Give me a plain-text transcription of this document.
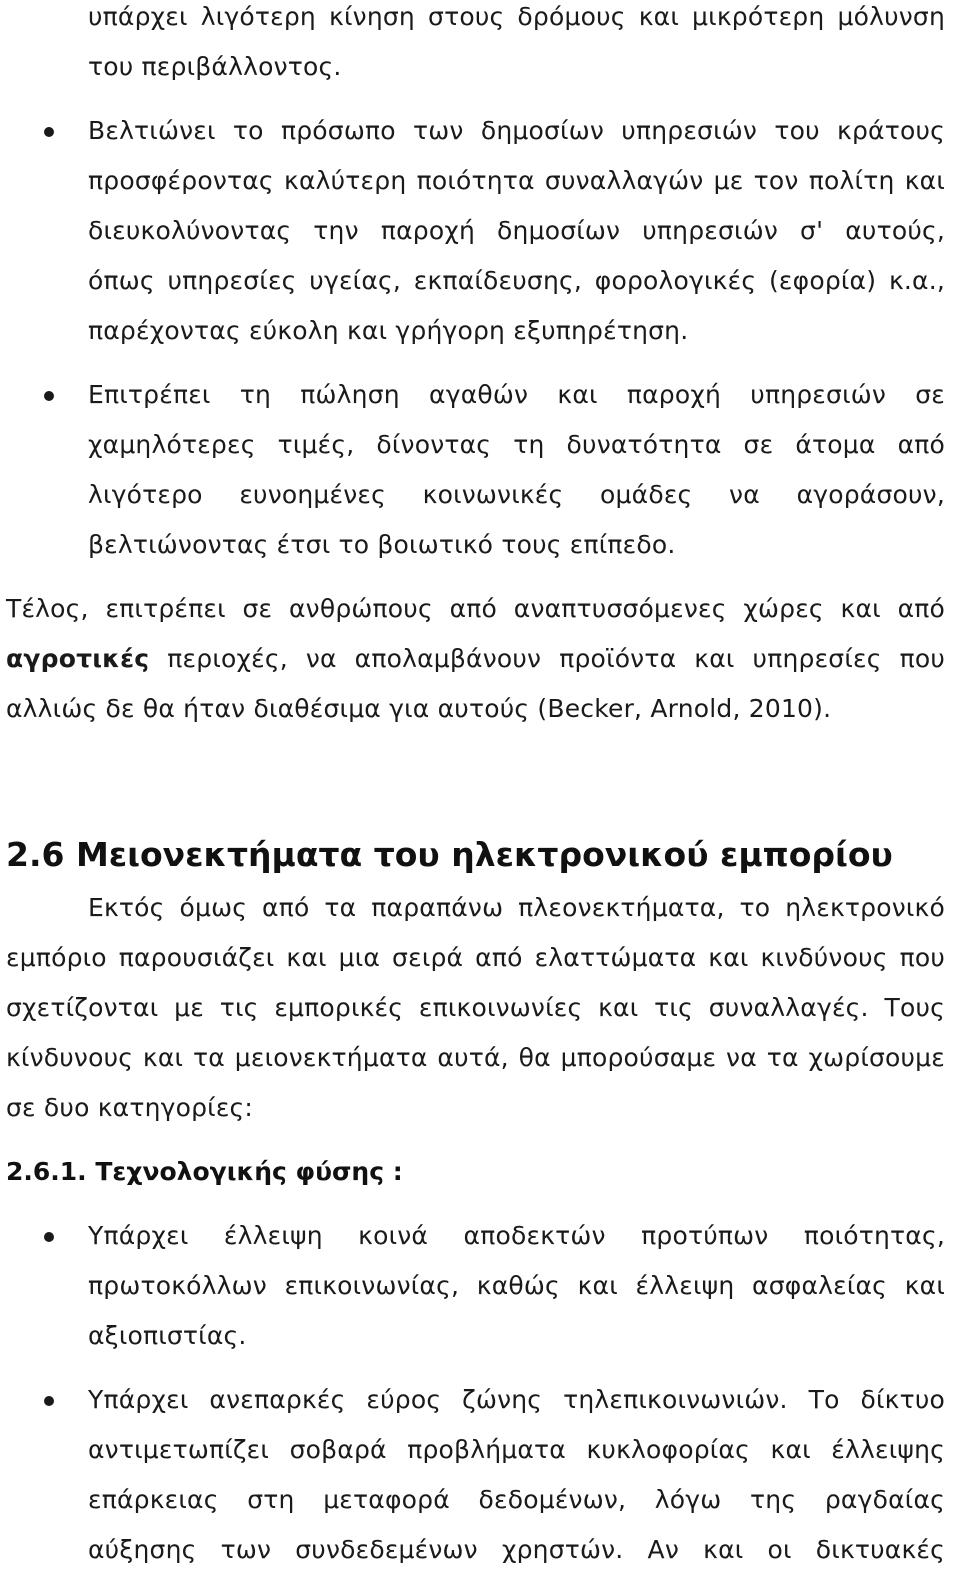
υπάρχει λιγότερη κίνηση στους δρόμους και μικρότερη μόλυνση
του περιβάλλοντος.
Βελτιώνει το πρόσωπο των δημοσίων υπηρεσιών του κράτους
προσφέροντας καλύτερη ποιότητα συναλλαγών με τον πολίτη και
διευκολύνοντας την παροχή δημοσίων υπηρεσιών σ' αυτούς,
όπως υπηρεσίες υγείας, εκπαίδευσης, φορολογικές (εφορία) κ.α.,
παρέχοντας εύκολη και γρήγορη εξυπηρέτηση.
Επιτρέπει τη πώληση αγαθών και παροχή υπηρεσιών σε
χαμηλότερες τιμές, δίνοντας τη δυνατότητα σε άτομα από
λιγότερο ευνοημένες κοινωνικές ομάδες να αγοράσουν,
βελτιώνοντας έτσι το βοιωτικό τους επίπεδο.
Τέλος, επιτρέπει σε ανθρώπους από αναπτυσσόμενες χώρες και από
αγροτικές περιοχές, να απολαμβάνουν προϊόντα και υπηρεσίες που
αλλιώς δε θα ήταν διαθέσιμα για αυτούς (Becker, Arnold, 2010).
2.6 Μειονεκτήματα του ηλεκτρονικού εμπορίου
Εκτός όμως από τα παραπάνω πλεονεκτήματα, το ηλεκτρονικό
εμπόριο παρουσιάζει και μια σειρά από ελαττώματα και κινδύνους που
σχετίζονται με τις εμπορικές επικοινωνίες και τις συναλλαγές. Τους
κίνδυνους και τα μειονεκτήματα αυτά, θα μπορούσαμε να τα χωρίσουμε
σε δυο κατηγορίες:
2.6.1. Τεχνολογικής φύσης :
Υπάρχει έλλειψη κοινά αποδεκτών προτύπων ποιότητας,
πρωτοκόλλων επικοινωνίας, καθώς και έλλειψη ασφαλείας και
αξιοπιστίας.
Υπάρχει ανεπαρκές εύρος ζώνης τηλεπικοινωνιών. Το δίκτυο
αντιμετωπίζει σοβαρά προβλήματα κυκλοφορίας και έλλειψης
επάρκειας στη μεταφορά δεδομένων, λόγω της ραγδαίας
αύξησης των συνδεδεμένων χρηστών. Αν και οι δικτυακές
